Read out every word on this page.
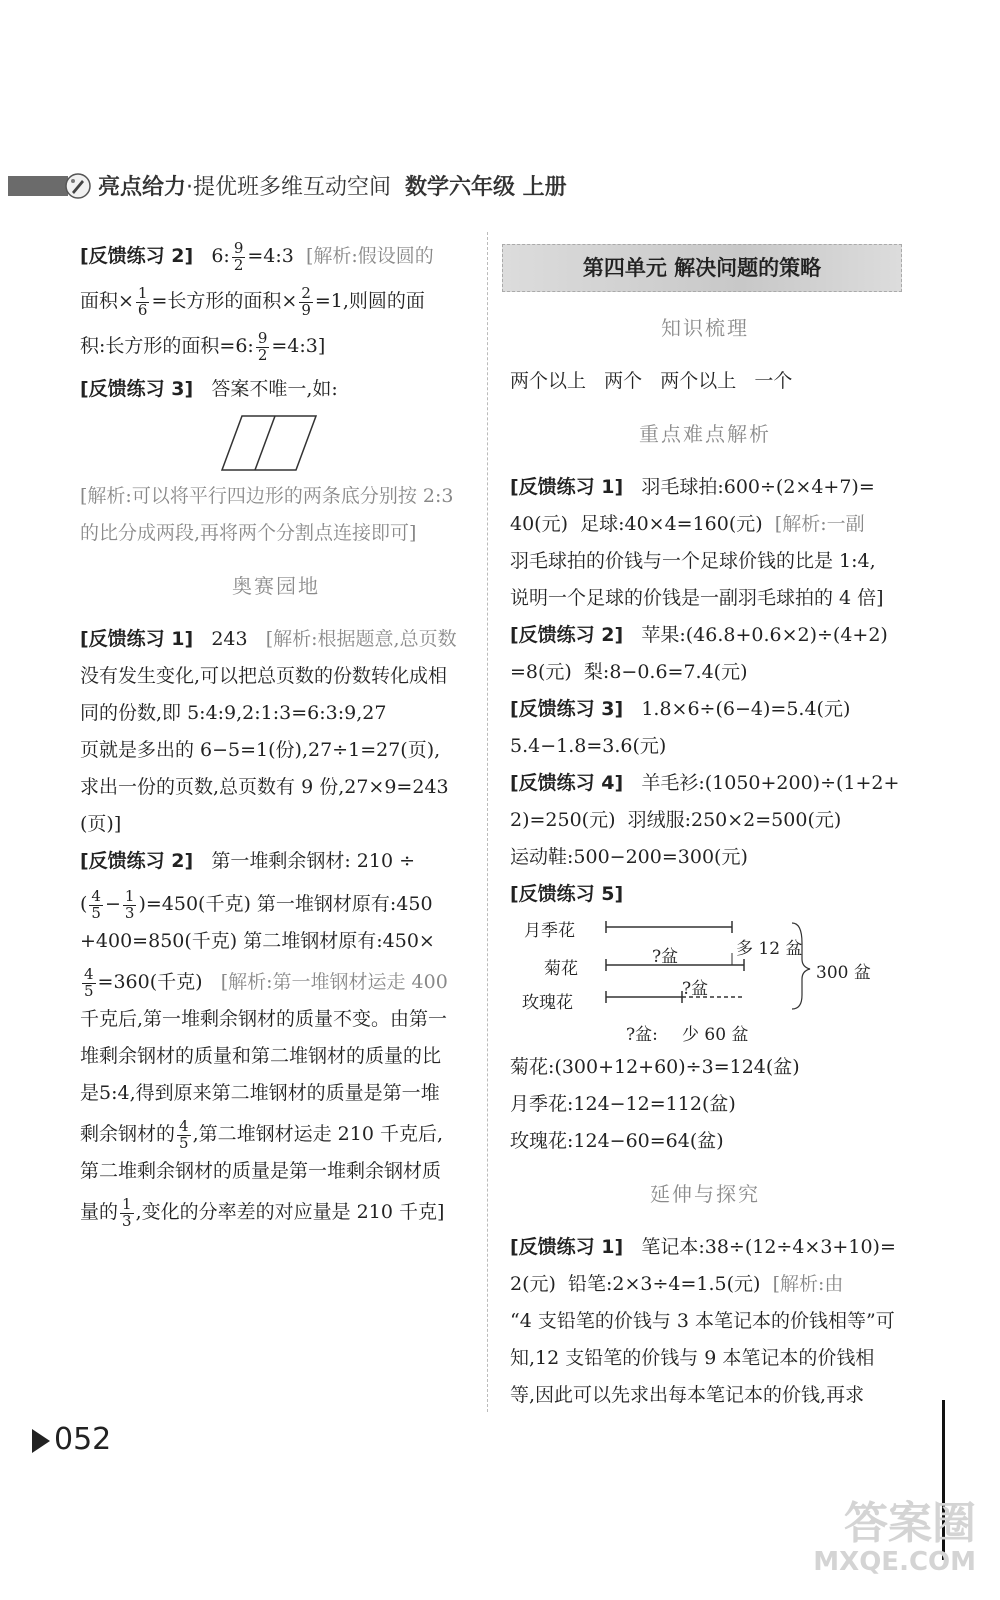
亮点给力·提优班多维互动空间 数学六年级 上册

[反馈练习 2] 6: $\frac{9}{2}$ =4:3 [解析:假设圆的

面积× $\frac{1}{6}$ =长方形的面积× $\frac{2}{9} =1$,则圆的面

积:长方形的面积=6: $\frac{9}{2}$ =4:3]

[反馈练习 3] 答案不唯一,如:

[解析:可以将平行四边形的两条底分别按 2:3

的比分成两段,再将两个分割点连接即可]

奥赛园地

[反馈练习 1] 243 [解析:根据题意,总页数

没有发生变化,可以把总页数的份数转化成相

同的份数,即 5:4:9,2:1:3=6:3:9,27

页就是多出的 6−5=1(份),27÷1=27(页),

求出一份的页数,总页数有 9 份,27×9=243

(页)]

[反馈练习 2] 第一堆剩余钢材: 210 ÷

( $\frac{4}{5} - \frac{1}{3} )=450$(千克) 第一堆钢材原有:450

+400=850(千克) 第二堆钢材原有:450×

$\frac{4}{5} =360$(千克) [解析:第一堆钢材运走 400

千克后,第一堆剩余钢材的质量不变。由第一

堆剩余钢材的质量和第二堆钢材的质量的比

是5:4,得到原来第二堆钢材的质量是第一堆

剩余钢材的 $\frac{4}{5}$ ,第二堆钢材运走 210 千克后,

第二堆剩余钢材的质量是第一堆剩余钢材质

量的 $\frac{1}{3}$ ,变化的分率差的对应量是 210 千克]

第四单元 解决问题的策略
知识梳理

两个以上   两个   两个以上   一个

重点难点解析

[反馈练习 1] 羽毛球拍:600÷(2×4+7)=

40(元)  足球:40×4=160(元) [解析:一副

羽毛球拍的价钱与一个足球价钱的比是 1:4,

说明一个足球的价钱是一副羽毛球拍的 4 倍]

[反馈练习 2] 苹果:(46.8+0.6×2)÷(4+2)

=8(元)  梨:8−0.6=7.4(元)

[反馈练习 3] 1.8×6÷(6−4)=5.4(元)

5.4−1.8=3.6(元)

[反馈练习 4] 羊毛衫:(1050+200)÷(1+2+

2)=250(元)  羽绒服:250×2=500(元)

运动鞋:500−200=300(元)

[反馈练习 5]

月季花
菊花
玫瑰花
?盆	多 12 盆
?盆
300 盆
?盆: 少 60 盆

菊花:(300+12+60)÷3=124(盆)

月季花:124−12=112(盆)

玫瑰花:124−60=64(盆)

延伸与探究

[反馈练习 1] 笔记本:38÷(12÷4×3+10)=

2(元)  铅笔:2×3÷4=1.5(元) [解析:由

“4 支铅笔的价钱与 3 本笔记本的价钱相等”可

知,12 支铅笔的价钱与 9 本笔记本的价钱相

等,因此可以先求出每本笔记本的价钱,再求

052
答案圈
MXQE.COM
